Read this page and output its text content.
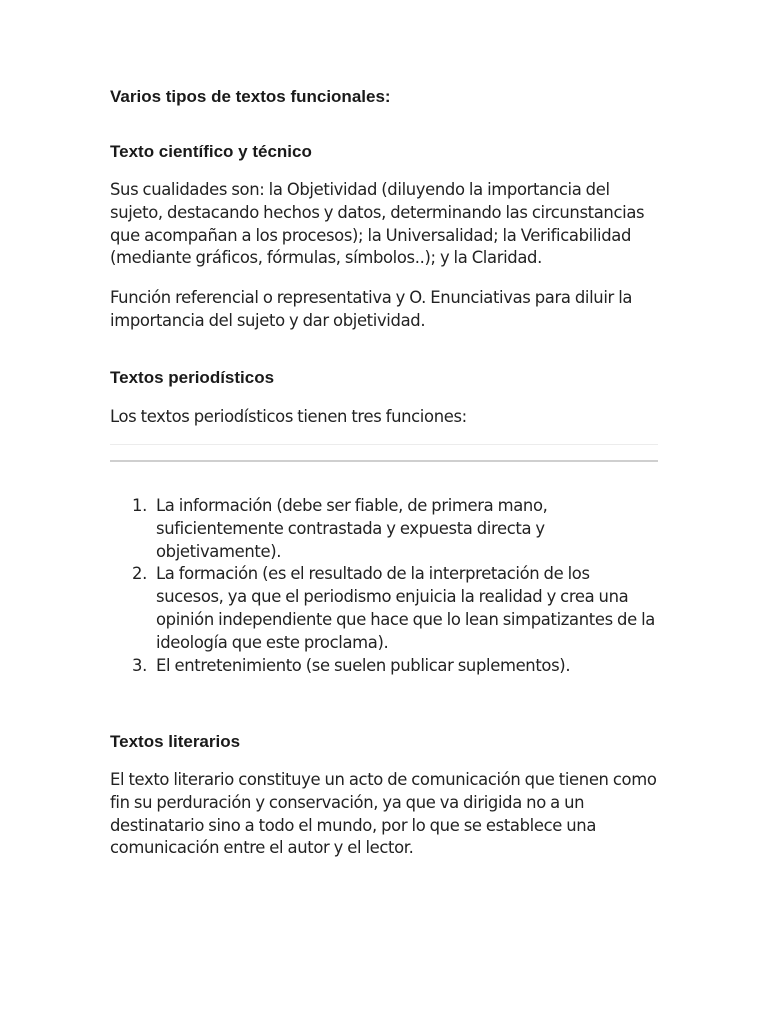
Varios tipos de textos funcionales:
Texto científico y técnico

Sus cualidades son: la Objetividad (diluyendo la importancia del sujeto, destacando hechos y datos, determinando las circunstancias que acompañan a los procesos); la Universalidad; la Verificabilidad (mediante gráficos, fórmulas, símbolos..); y la Claridad.

Función referencial o representativa y O. Enunciativas para diluir la importancia del sujeto y dar objetividad.

Textos periodísticos

Los textos periodísticos tienen tres funciones:

1. La información (debe ser fiable, de primera mano, suficientemente contrastada y expuesta directa y objetivamente).
2. La formación (es el resultado de la interpretación de los sucesos, ya que el periodismo enjuicia la realidad y crea una opinión independiente que hace que lo lean simpatizantes de la ideología que este proclama).
3. El entretenimiento (se suelen publicar suplementos).
Textos literarios

El texto literario constituye un acto de comunicación que tienen como fin su perduración y conservación, ya que va dirigida no a un destinatario sino a todo el mundo, por lo que se establece una comunicación entre el autor y el lector.
